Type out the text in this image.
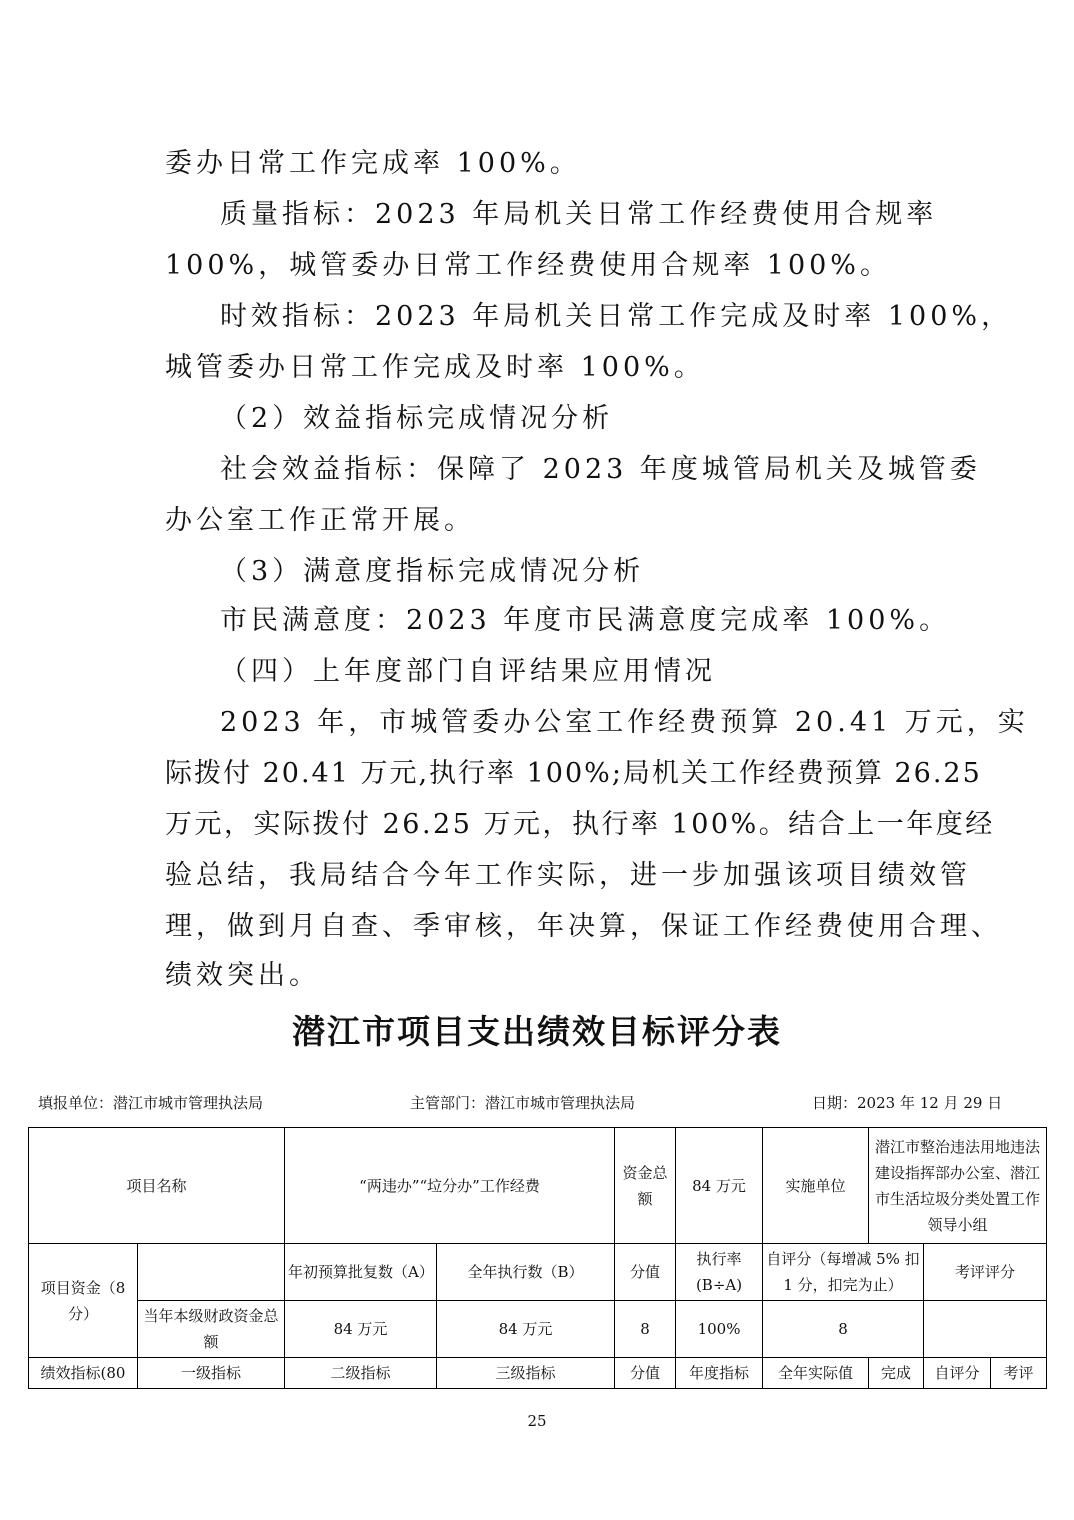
委办日常工作完成率 100%。

质量指标：2023 年局机关日常工作经费使用合规率

100%，城管委办日常工作经费使用合规率 100%。

时效指标：2023 年局机关日常工作完成及时率 100%，

城管委办日常工作完成及时率 100%。

（2）效益指标完成情况分析

社会效益指标：保障了 2023 年度城管局机关及城管委

办公室工作正常开展。

（3）满意度指标完成情况分析

市民满意度：2023 年度市民满意度完成率 100%。

（四）上年度部门自评结果应用情况

2023 年，市城管委办公室工作经费预算 20.41 万元，实

际拨付 20.41 万元,执行率 100%;局机关工作经费预算 26.25

万元，实际拨付 26.25 万元，执行率 100%。结合上一年度经

验总结，我局结合今年工作实际，进一步加强该项目绩效管

理，做到月自查、季审核，年决算，保证工作经费使用合理、

绩效突出。

潜江市项目支出绩效目标评分表
填报单位：潜江市城市管理执法局	主管部门：潜江市城市管理执法局	日期：2023 年 12 月 29 日
项目名称		“两违办”“垃分办”工作经费		资金总额	84 万元	实施单位	潜江市整治违法用地违法建设指挥部办公室、潜江市生活垃圾分类处置工作领导小组		
项目资金（8 分）		年初预算批复数（A）	全年执行数（B）	分值	执行率(B÷A)	自评分（每增减 5% 扣 1 分，扣完为止）		考评评分	
	当年本级财政资金总额	84 万元	84 万元	8	100%	8			
绩效指标(80	一级指标	二级指标	三级指标	分值	年度指标	全年实际值	完成	自评分	考评
25
